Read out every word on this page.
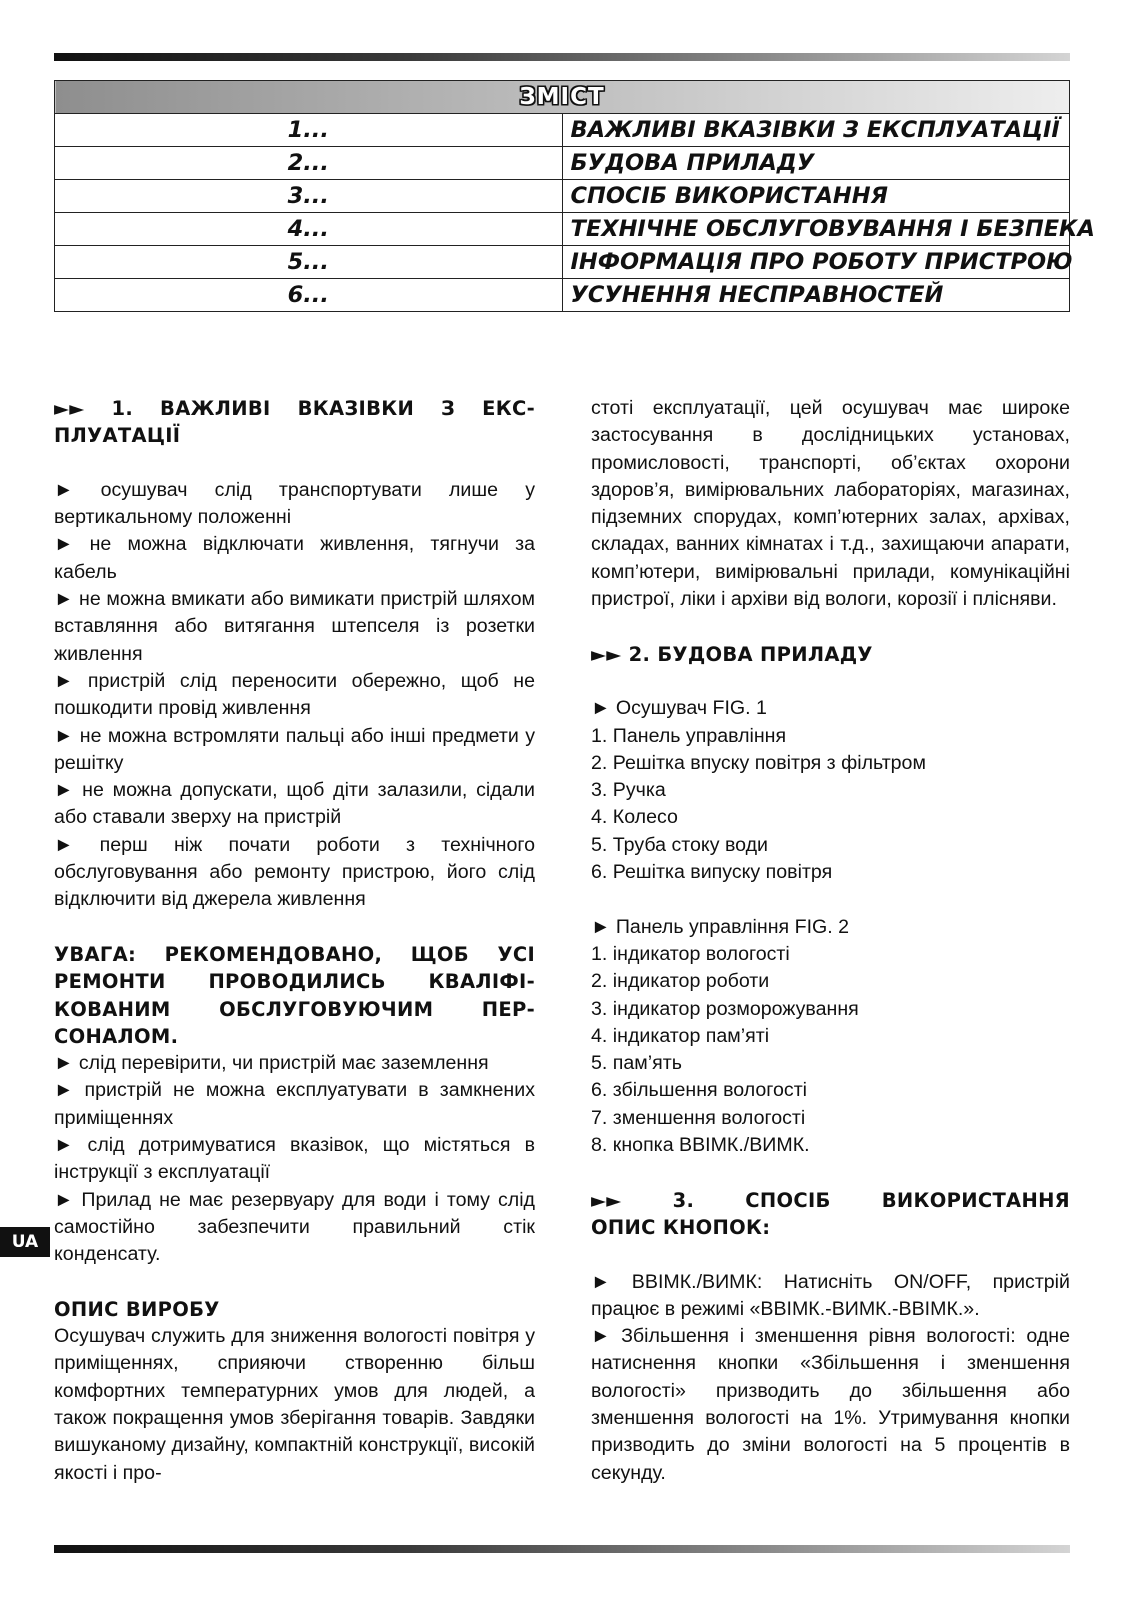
ЗМІСТ	
1...	ВАЖЛИВІ ВКАЗІВКИ З ЕКСПЛУАТАЦІЇ
2...	БУДОВА ПРИЛАДУ
3...	СПОСІБ ВИКОРИСТАННЯ
4...	ТЕХНІЧНЕ ОБСЛУГОВУВАННЯ І БЕЗПЕКА
5...	ІНФОРМАЦІЯ ПРО РОБОТУ ПРИСТРОЮ
6...	УСУНЕННЯ НЕСПРАВНОСТЕЙ

►► 1. ВАЖЛИВІ ВКАЗІВКИ З ЕКС-ПЛУАТАЦІЇ

► осушувач слід транспортувати лише у вертикальному положенні

► не можна відключати живлення, тягнучи за кабель

► не можна вмикати або вимикати пристрій шляхом вставляння або витягання штепселя із розетки живлення

► пристрій слід переносити обережно, щоб не пошкодити провід живлення

► не можна встромляти пальці або інші предмети у решітку

► не можна допускати, щоб діти залазили, сідали або ставали зверху на пристрій

► перш ніж почати роботи з технічного обслуговування або ремонту пристрою, його слід відключити від джерела живлення

УВАГА: РЕКОМЕНДОВАНО, ЩОБ УСІ

РЕМОНТИ ПРОВОДИЛИСЬ КВАЛІФІ-

КОВАНИМ ОБСЛУГОВУЮЧИМ ПЕР-

СОНАЛОМ.

► слід перевірити, чи пристрій має заземлення

► пристрій не можна експлуатувати в замкнених приміщеннях

► слід дотримуватися вказівок, що містяться в інструкції з експлуатації

► Прилад не має резервуару для води і тому слід самостійно забезпечити правильний стік конденсату.

ОПИС ВИРОБУ

Осушувач служить для зниження вологості повітря у приміщеннях, сприяючи створенню більш комфортних температурних умов для людей, а також покращення умов зберігання товарів. Завдяки вишуканому дизайну, компактній конструкції, високій якості і про-

стоті експлуатації, цей осушувач має широке застосування в дослідницьких установах, промисловості, транспорті, об’єктах охорони здоров’я, вимірювальних лабораторіях, магазинах, підземних спорудах, комп’ютерних залах, архівах, складах, ванних кімнатах і т.д., захищаючи апарати, комп’ютери, вимірювальні прилади, комунікаційні пристрої, ліки і архіви від вологи, корозії і плісняви.

►► 2. БУДОВА ПРИЛАДУ

► Осушувач FIG. 1

1. Панель управління

2. Решітка впуску повітря з фільтром

3. Ручка

4. Колесо

5. Труба стоку води

6. Решітка випуску повітря

► Панель управління FIG. 2

1. індикатор вологості

2. індикатор роботи

3. індикатор розморожування

4. індикатор пам’яті

5. пам’ять

6. збільшення вологості

7. зменшення вологості

8. кнопка ВВІМК./ВИМК.

►► 3. СПОСІБ ВИКОРИСТАННЯ

ОПИС КНОПОК:

► ВВІМК./ВИМК: Натисніть ON/OFF, пристрій працює в режимі «ВВІМК.-ВИМК.-ВВІМК.».

► Збільшення і зменшення рівня вологості: одне натиснення кнопки «Збільшення і зменшення вологості» призводить до збільшення або зменшення вологості на 1%. Утримування кнопки призводить до зміни вологості на 5 процентів в секунду.

UA
